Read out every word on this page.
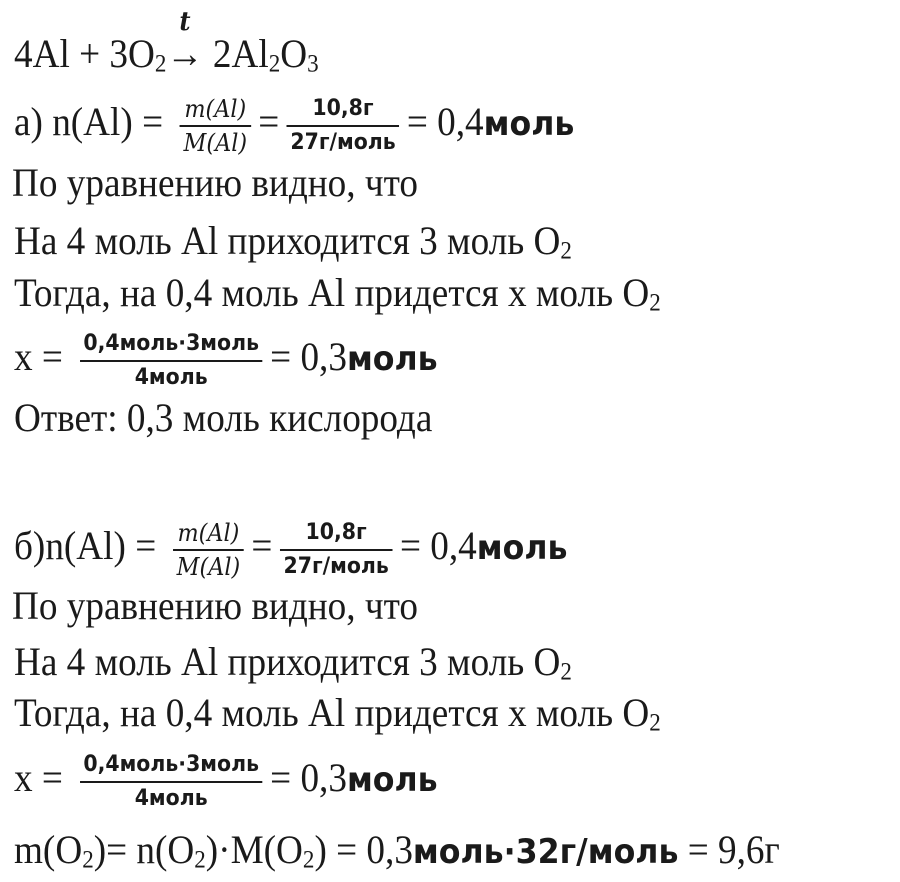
$4Al + 3O_2$
t
→ $2Al_2O_3$
а) $n(Al) = \frac{m(Al)}{M(Al)} = \frac{10,8г}{\text{27г/моль}}$ = 0,4моль
По уравнению видно, что
На 4 моль Al приходится 3 моль $O_2$
Тогда, на 0,4 моль Al придется х моль $O_2$
$х = \frac{\text{0,4моль·3моль}}{\text{4моль}}$ = 0,3моль
Ответ: 0,3 моль кислорода
$б)n(Al) = \frac{m(Al)}{M(Al)} = \frac{10,8г}{\text{27г/моль}}$ = 0,4моль
По уравнению видно, что
На 4 моль Al приходится 3 моль $O_2$
Тогда, на 0,4 моль Al придется х моль $O_2$
$х = \frac{\text{0,4моль·3моль}}{\text{4моль}}$ = 0,3моль
$m(O_2)= n(O_2)\cdot M(O_2)$ = 0,3моль·32г/моль = 9,6г
